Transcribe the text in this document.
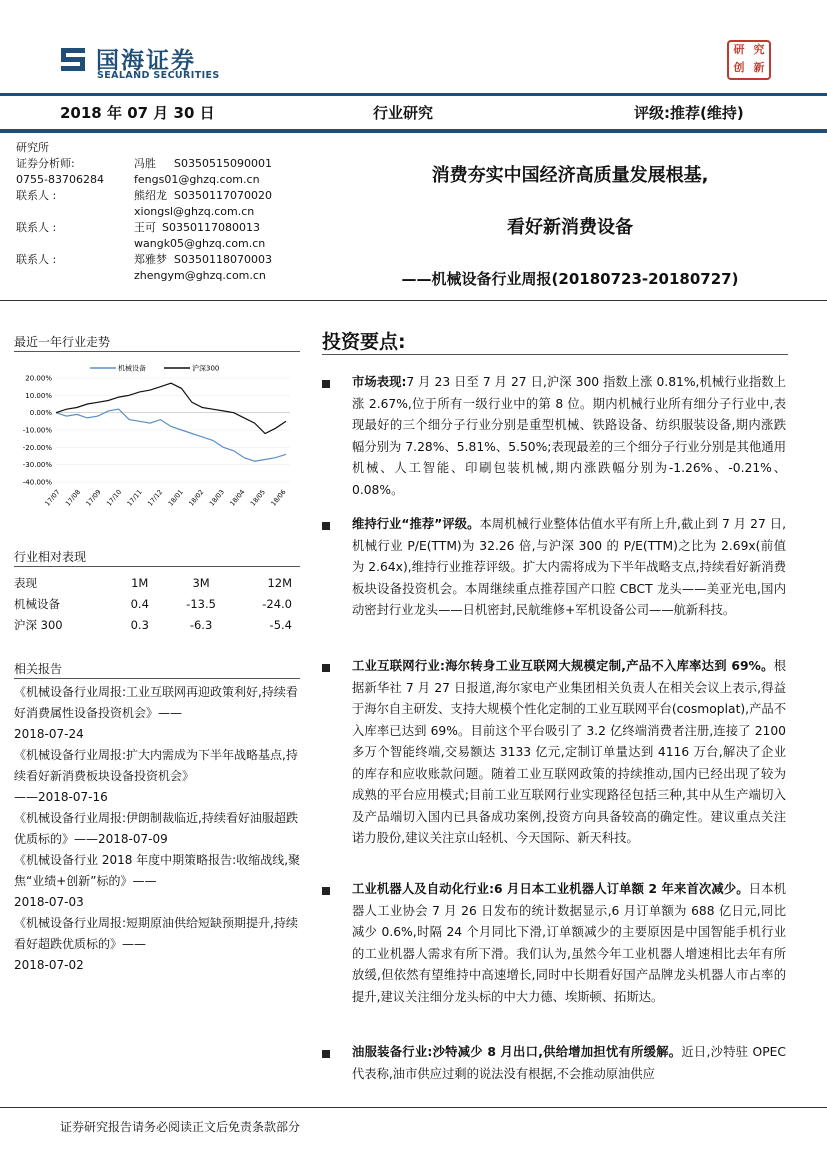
国海证券
SEALAND SECURITIES
研 究
创 新
2018 年 07 月 30 日	行业研究	评级:推荐(维持)
研究所
证券分析师:	冯胜 S0350515090001
0755-83706284	fengs01@ghzq.com.cn
联系人 :	熊绍龙 S0350117070020
xiongsl@ghzq.com.cn
联系人 :	王可 S0350117080013
wangk05@ghzq.com.cn
联系人 :	郑雅梦 S0350118070003
zhengym@ghzq.com.cn
消费夯实中国经济高质量发展根基,
看好新消费设备
——机械设备行业周报(20180723-20180727)
最近一年行业走势
20.00%
10.00%
0.00%
-10.00%
-20.00%
-30.00%
-40.00%
17/07 17/08 17/09 17/10 17/11 17/12 18/01 18/02 18/03 18/04 18/05 18/06
机械设备	沪深300
行业相对表现
表现	1M	3M	12M
机械设备	0.4	-13.5	-24.0
沪深 300	0.3	-6.3	-5.4
相关报告
《机械设备行业周报:工业互联网再迎政策利好,持续看好消费属性设备投资机会》——
2018-07-24
《机械设备行业周报:扩大内需成为下半年战略基点,持续看好新消费板块设备投资机会》
——2018-07-16
《机械设备行业周报:伊朗制裁临近,持续看好油服超跌优质标的》——2018-07-09
《机械设备行业 2018 年度中期策略报告:收缩战线,聚焦“业绩+创新”标的》——
2018-07-03
《机械设备行业周报:短期原油供给短缺预期提升,持续看好超跌优质标的》——
2018-07-02
投资要点:
市场表现:7 月 23 日至 7 月 27 日,沪深 300 指数上涨 0.81%,机械行业指数上涨 2.67%,位于所有一级行业中的第 8 位。期内机械行业所有细分子行业中,表现最好的三个细分子行业分别是重型机械、铁路设备、纺织服装设备,期内涨跌幅分别为 7.28%、5.81%、5.50%;表现最差的三个细分子行业分别是其他通用机械、人工智能、印刷包装机械,期内涨跌幅分别为-1.26%、-0.21%、0.08%。
维持行业“推荐”评级。本周机械行业整体估值水平有所上升,截止到 7 月 27 日,机械行业 P/E(TTM)为 32.26 倍,与沪深 300 的 P/E(TTM)之比为 2.69x(前值为 2.64x),维持行业推荐评级。扩大内需将成为下半年战略支点,持续看好新消费板块设备投资机会。本周继续重点推荐国产口腔 CBCT 龙头——美亚光电,国内动密封行业龙头——日机密封,民航维修+军机设备公司——航新科技。
工业互联网行业:海尔转身工业互联网大规模定制,产品不入库率达到 69%。根据新华社 7 月 27 日报道,海尔家电产业集团相关负责人在相关会议上表示,得益于海尔自主研发、支持大规模个性化定制的工业互联网平台(cosmoplat),产品不入库率已达到 69%。目前这个平台吸引了 3.2 亿终端消费者注册,连接了 2100 多万个智能终端,交易额达 3133 亿元,定制订单量达到 4116 万台,解决了企业的库存和应收账款问题。随着工业互联网政策的持续推动,国内已经出现了较为成熟的平台应用模式;目前工业互联网行业实现路径包括三种,其中从生产端切入及产品端切入国内已具备成功案例,投资方向具备较高的确定性。建议重点关注诺力股份,建议关注京山轻机、今天国际、新天科技。
工业机器人及自动化行业:6 月日本工业机器人订单额 2 年来首次减少。日本机器人工业协会 7 月 26 日发布的统计数据显示,6 月订单额为 688 亿日元,同比减少 0.6%,时隔 24 个月同比下滑,订单额减少的主要原因是中国智能手机行业的工业机器人需求有所下滑。我们认为,虽然今年工业机器人增速相比去年有所放缓,但依然有望维持中高速增长,同时中长期看好国产品牌龙头机器人市占率的提升,建议关注细分龙头标的中大力德、埃斯顿、拓斯达。
油服装备行业:沙特减少 8 月出口,供给增加担忧有所缓解。近日,沙特驻 OPEC 代表称,油市供应过剩的说法没有根据,不会推动原油供应
证券研究报告请务必阅读正文后免责条款部分
